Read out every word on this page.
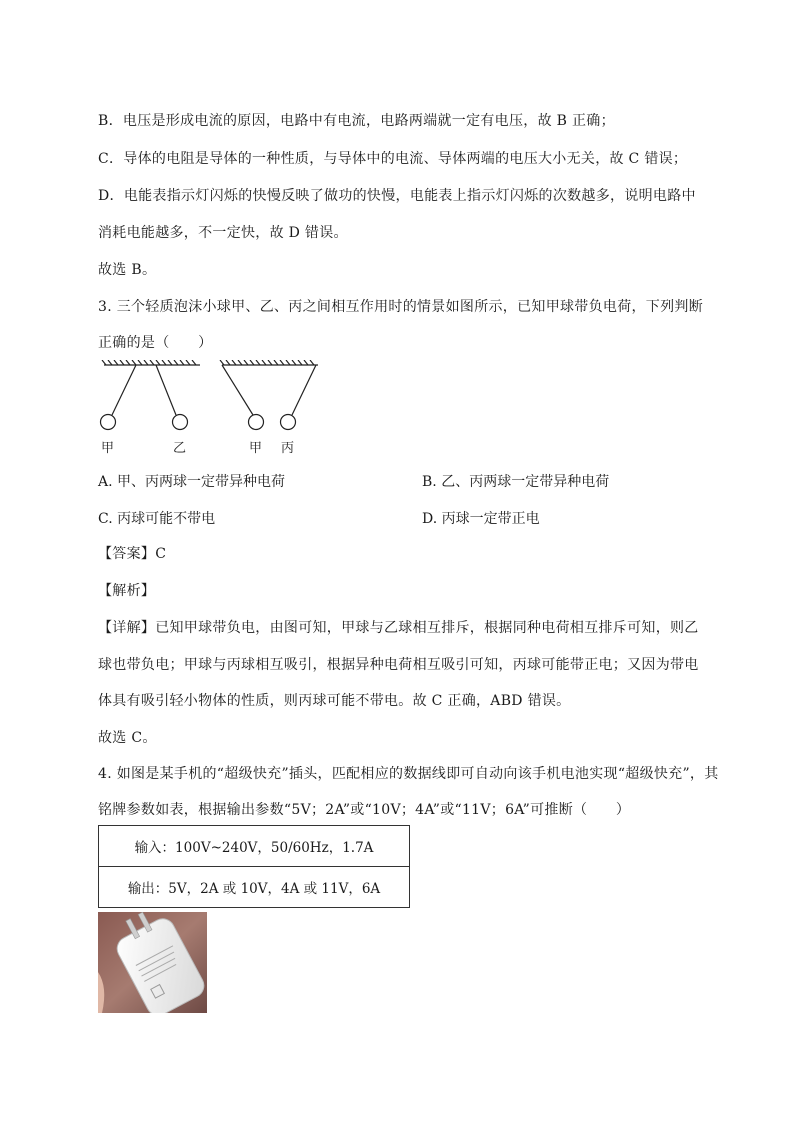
B．电压是形成电流的原因，电路中有电流，电路两端就一定有电压，故 B 正确；
C．导体的电阻是导体的一种性质，与导体中的电流、导体两端的电压大小无关，故 C 错误；
D．电能表指示灯闪烁的快慢反映了做功的快慢，电能表上指示灯闪烁的次数越多，说明电路中
消耗电能越多，不一定快，故 D 错误。
故选 B。
3. 三个轻质泡沫小球甲、乙、丙之间相互作用时的情景如图所示，已知甲球带负电荷，下列判断
正确的是（　　）
甲	乙	甲 丙
A. 甲、丙两球一定带异种电荷	B. 乙、丙两球一定带异种电荷
C. 丙球可能不带电	D. 丙球一定带正电
【答案】C
【解析】
【详解】已知甲球带负电，由图可知，甲球与乙球相互排斥，根据同种电荷相互排斥可知，则乙
球也带负电；甲球与丙球相互吸引，根据异种电荷相互吸引可知，丙球可能带正电；又因为带电
体具有吸引轻小物体的性质，则丙球可能不带电。故 C 正确，ABD 错误。
故选 C。
4. 如图是某手机的“超级快充”插头，匹配相应的数据线即可自动向该手机电池实现“超级快充”，其
铭牌参数如表，根据输出参数“5V；2A”或“10V；4A”或“11V；6A”可推断（　　）
输入：100V~240V，50/60Hz，1.7A
输出：5V，2A 或 10V，4A 或 11V，6A
